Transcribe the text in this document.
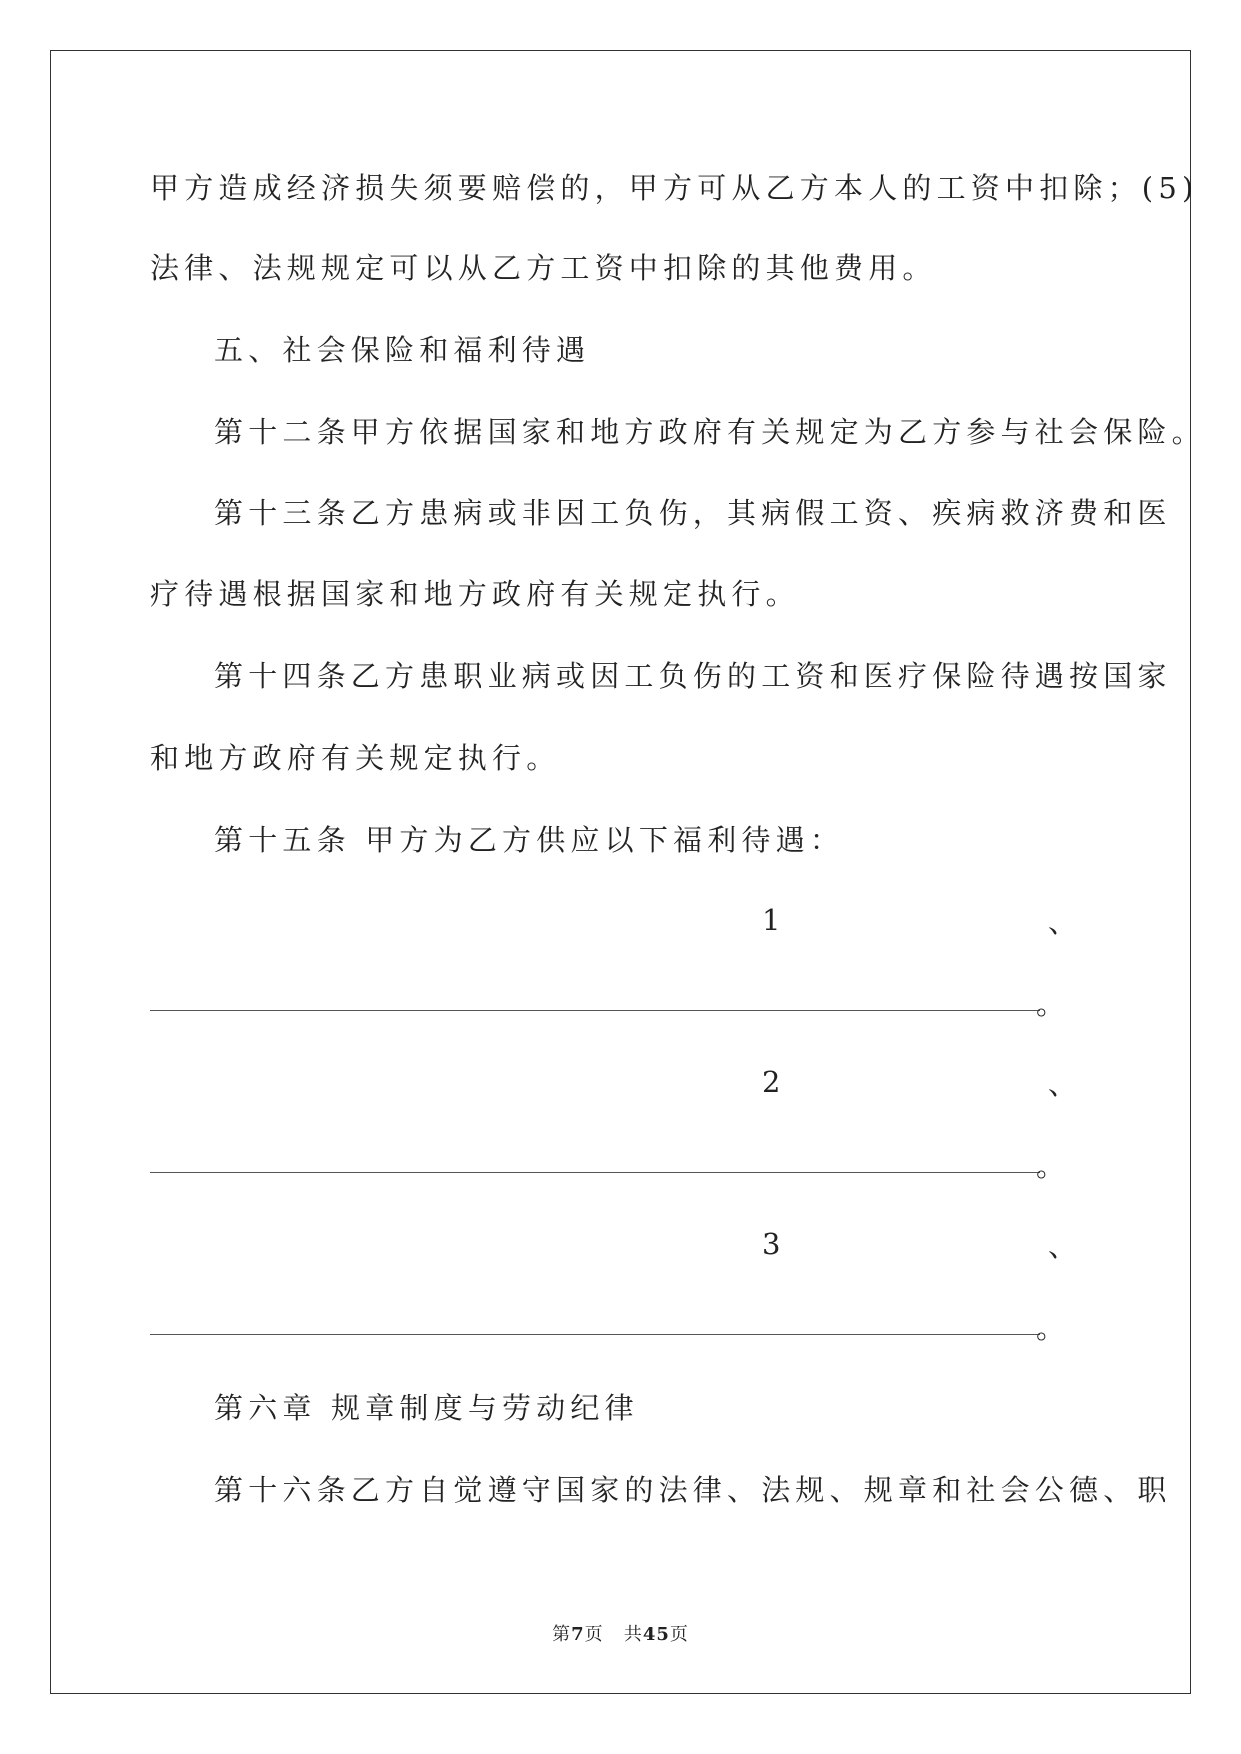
甲方造成经济损失须要赔偿的，甲方可从乙方本人的工资中扣除；(5)
法律、法规规定可以从乙方工资中扣除的其他费用。
五、社会保险和福利待遇
第十二条甲方依据国家和地方政府有关规定为乙方参与社会保险。
第十三条乙方患病或非因工负伤，其病假工资、疾病救济费和医
疗待遇根据国家和地方政府有关规定执行。
第十四条乙方患职业病或因工负伤的工资和医疗保险待遇按国家
和地方政府有关规定执行。
第十五条 甲方为乙方供应以下福利待遇：
1	、
。
2	、
。
3	、
。
第六章 规章制度与劳动纪律
第十六条乙方自觉遵守国家的法律、法规、规章和社会公德、职
第7页 共45页
